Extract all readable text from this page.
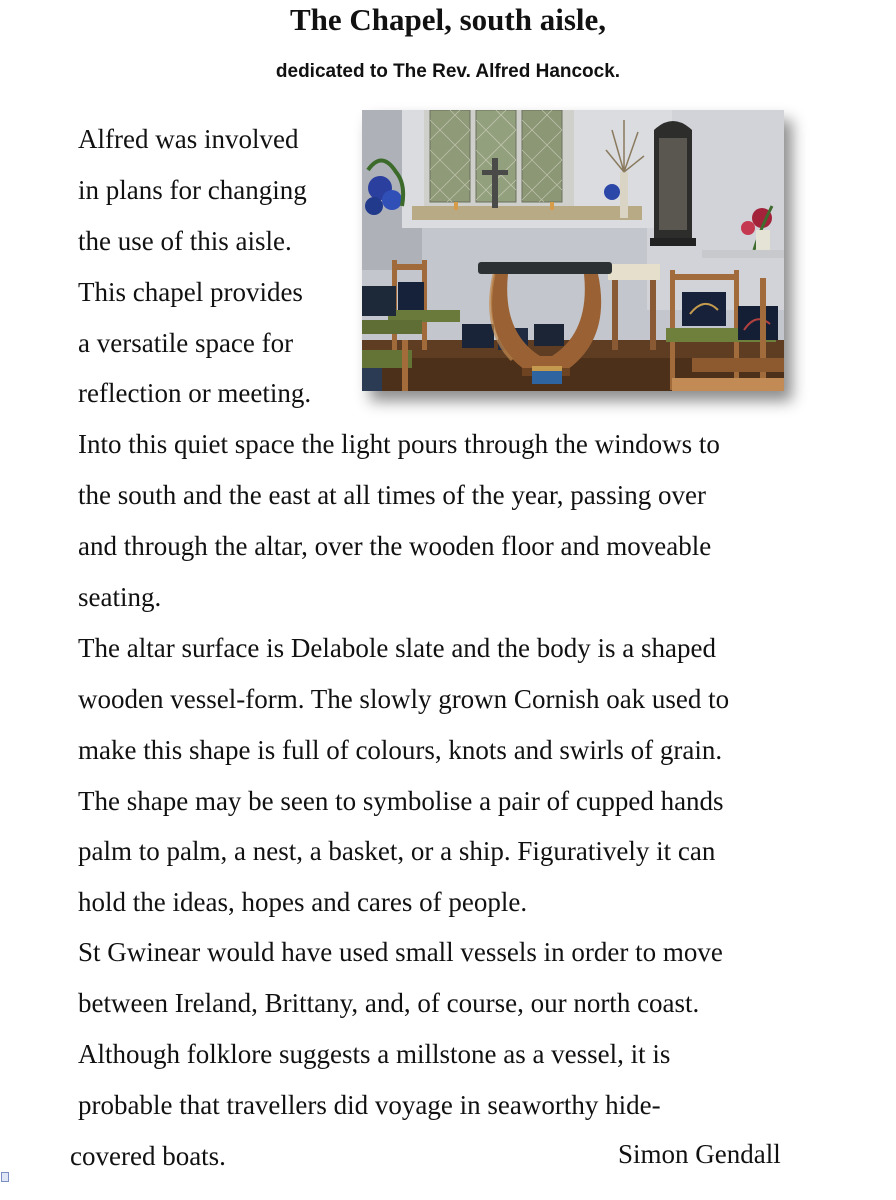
The Chapel, south aisle,
dedicated to The Rev. Alfred Hancock.

Alfred was involved

in plans for changing

the use of this aisle.

This chapel provides

a versatile space for

reflection or meeting.

Into this quiet space the light pours through the windows to

the south and the east at all times of the year, passing over

and through the altar, over the wooden floor and moveable

seating.

The altar surface is Delabole slate and the body is a shaped

wooden vessel-form. The slowly grown Cornish oak used to

make this shape is full of colours, knots and swirls of grain.

The shape may be seen to symbolise a pair of cupped hands

palm to palm, a nest, a basket, or a ship. Figuratively it can

hold the ideas, hopes and cares of people.

St Gwinear would have used small vessels in order to move

between Ireland, Brittany, and, of course, our north coast.

Although folklore suggests a millstone as a vessel, it is

probable that travellers did voyage in seaworthy hide-

covered boats.	Simon Gendall
